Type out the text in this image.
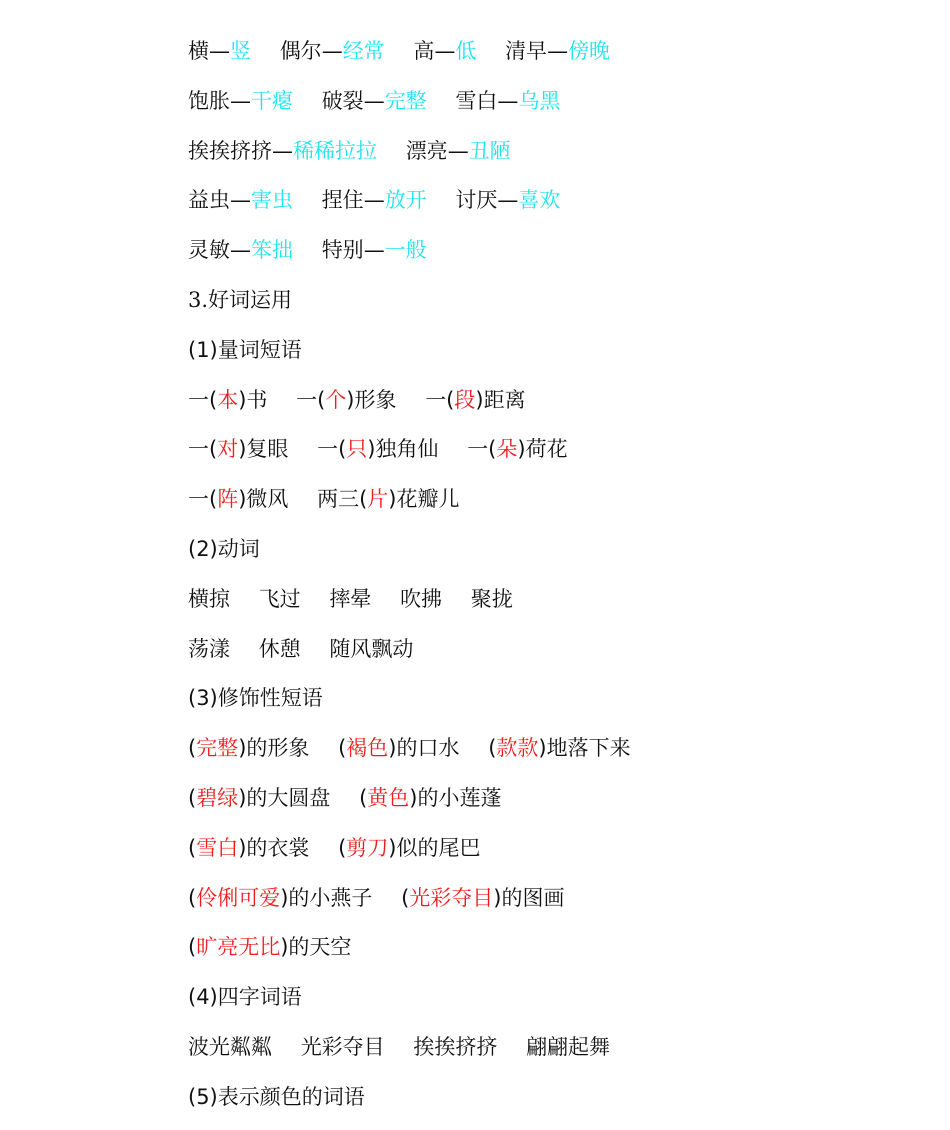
横—竖 偶尔—经常 高—低 清早—傍晚
饱胀—干瘪 破裂—完整 雪白—乌黑
挨挨挤挤—稀稀拉拉 漂亮—丑陋
益虫—害虫 捏住—放开 讨厌—喜欢
灵敏—笨拙 特别—一般
3.好词运用
(1)量词短语
一(本)书 一(个)形象 一(段)距离
一(对)复眼 一(只)独角仙 一(朵)荷花
一(阵)微风 两三(片)花瓣儿
(2)动词
横掠 飞过 摔晕 吹拂 聚拢
荡漾 休憩 随风飘动
(3)修饰性短语
(完整)的形象 (褐色)的口水 (款款)地落下来
(碧绿)的大圆盘 (黄色)的小莲蓬
(雪白)的衣裳 (剪刀)似的尾巴
(伶俐可爱)的小燕子 (光彩夺目)的图画
(旷亮无比)的天空
(4)四字词语
波光粼粼 光彩夺目 挨挨挤挤 翩翩起舞
(5)表示颜色的词语
